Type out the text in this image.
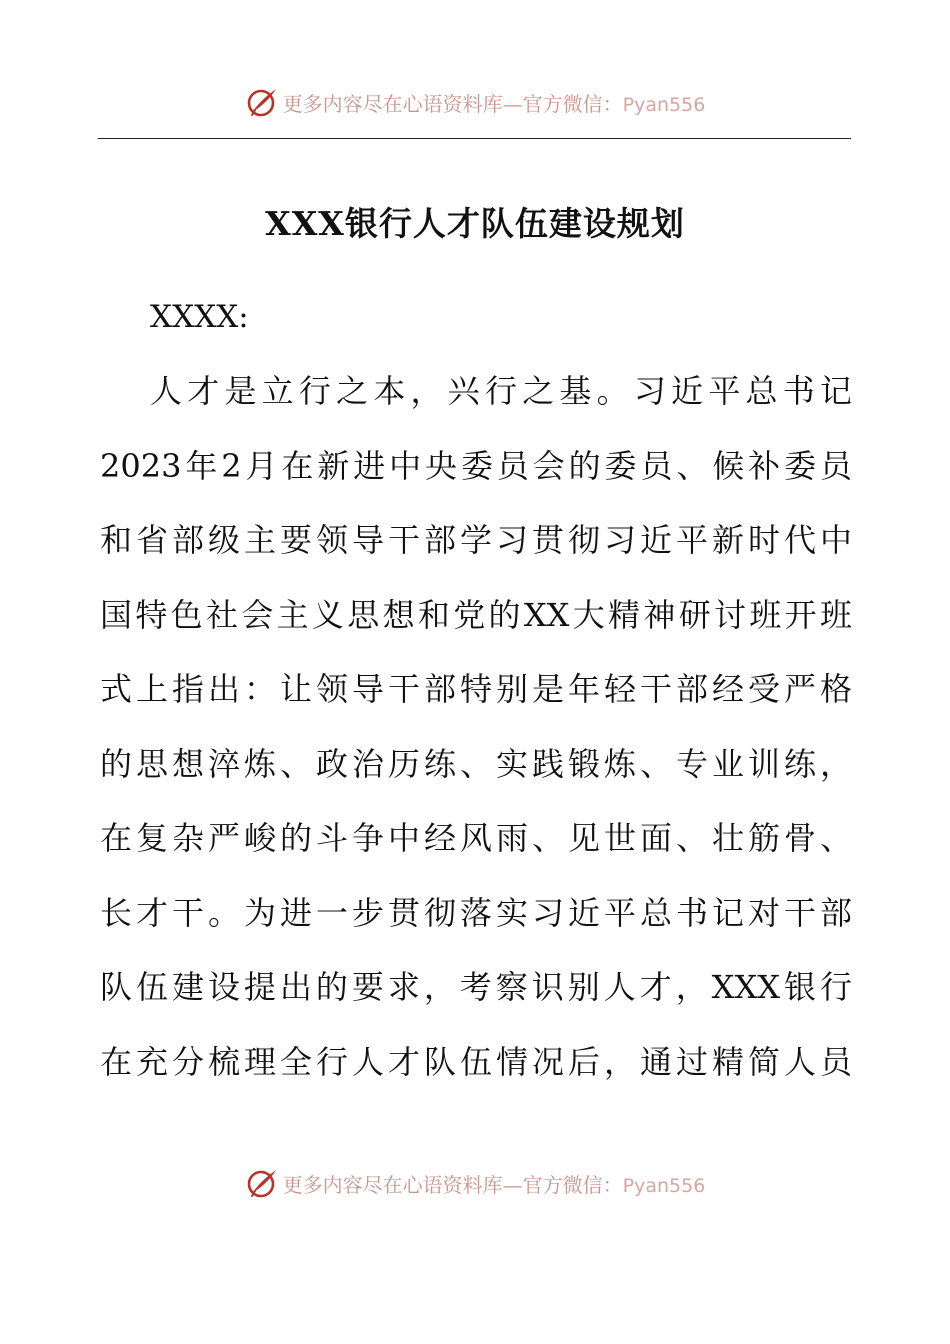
更多内容尽在心语资料库—官方微信：Pyan556
XXX银行人才队伍建设规划
XXXX:
人才是立行之本，兴行之基。习近平总书记
2023年2月在新进中央委员会的委员、候补委员
和省部级主要领导干部学习贯彻习近平新时代中
国特色社会主义思想和党的XX大精神研讨班开班
式上指出：让领导干部特别是年轻干部经受严格
的思想淬炼、政治历练、实践锻炼、专业训练，
在复杂严峻的斗争中经风雨、见世面、壮筋骨、
长才干。为进一步贯彻落实习近平总书记对干部
队伍建设提出的要求，考察识别人才，XXX银行
在充分梳理全行人才队伍情况后，通过精简人员
更多内容尽在心语资料库—官方微信：Pyan556
